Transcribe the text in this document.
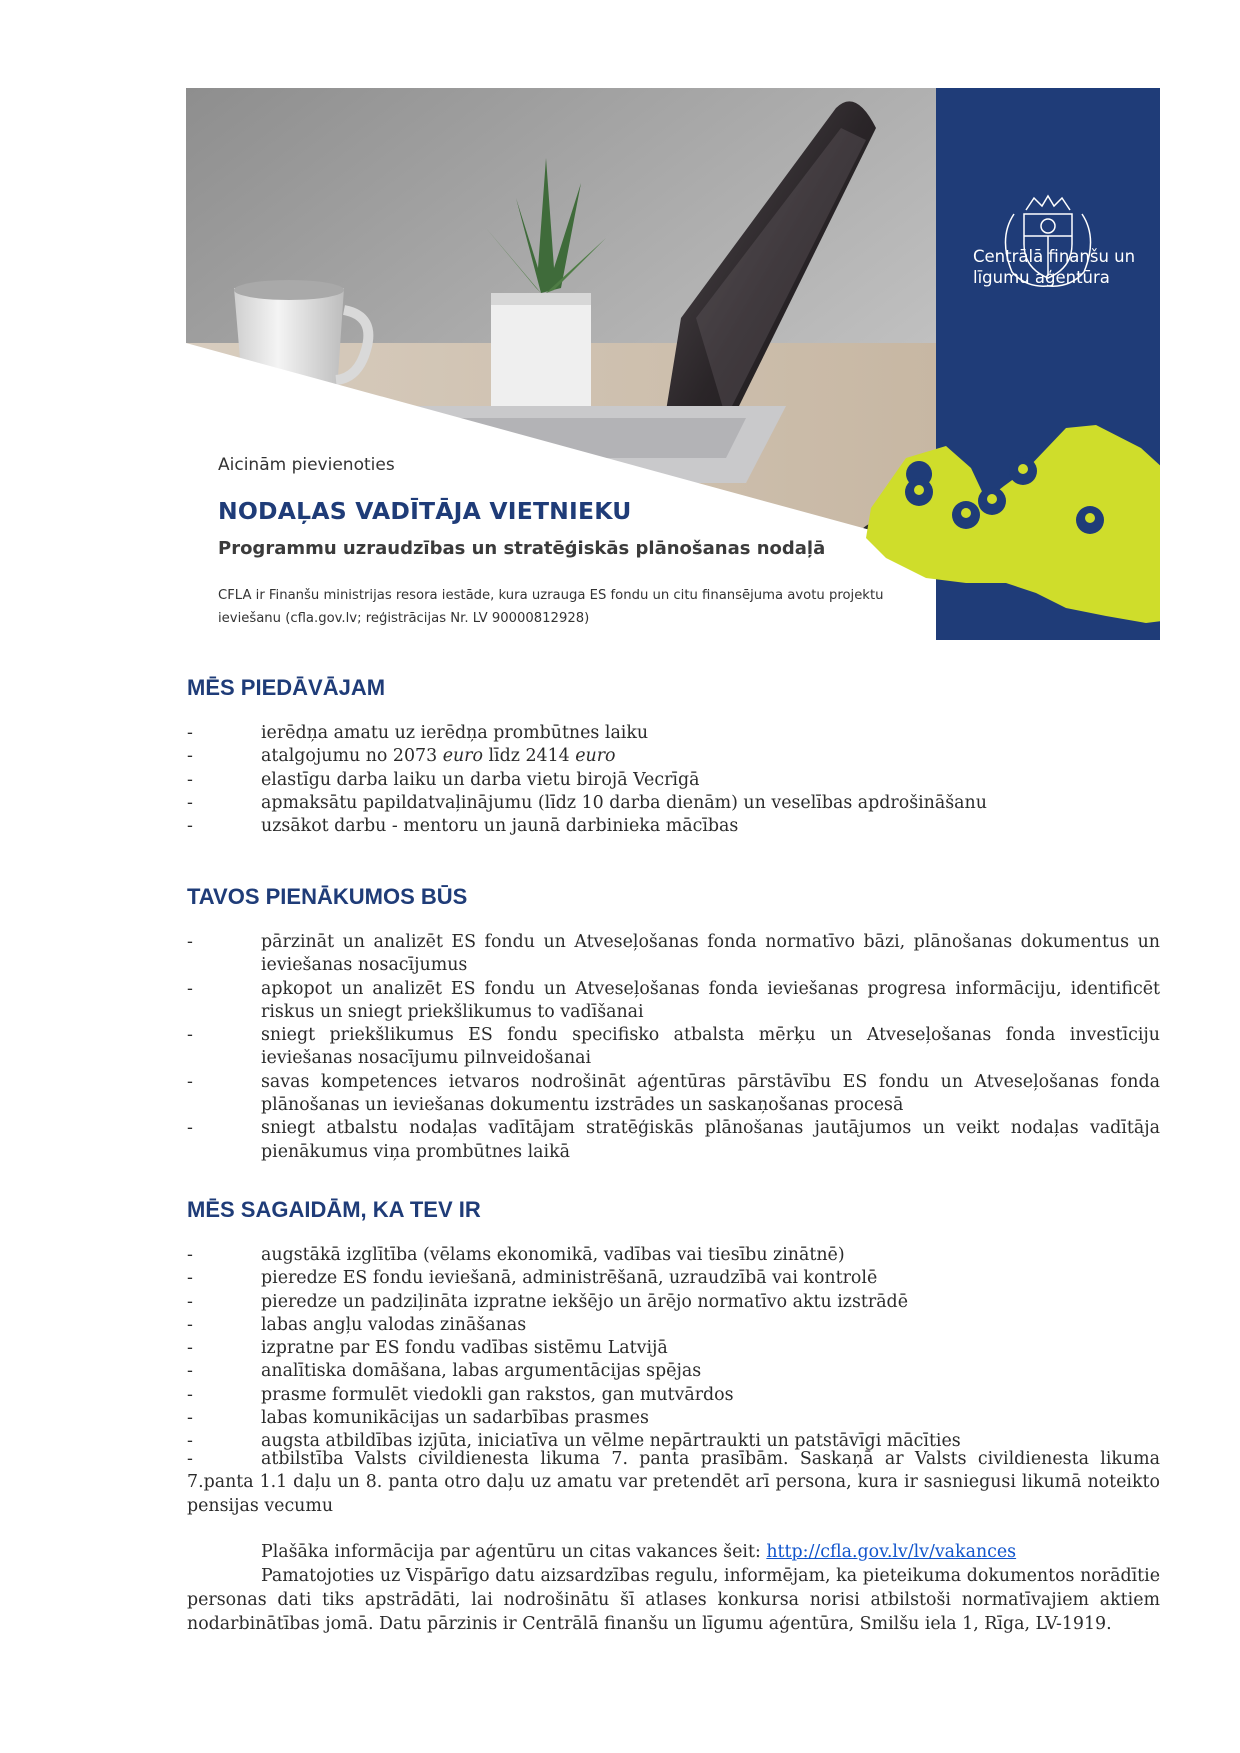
Centrālā finanšu un
līgumu aģentūra
Aicinām pievienoties
NODAĻAS VADĪTĀJA VIETNIEKU
Programmu uzraudzības un stratēģiskās plānošanas nodaļā
CFLA ir Finanšu ministrijas resora iestāde, kura uzrauga ES fondu un citu finansējuma avotu projektu ieviešanu (cfla.gov.lv; reģistrācijas Nr. LV 90000812928)
MĒS PIEDĀVĀJAM
- ierēdņa amatu uz ierēdņa prombūtnes laiku
- atalgojumu no 2073 euro līdz 2414 euro
- elastīgu darba laiku un darba vietu birojā Vecrīgā
- apmaksātu papildatvaļinājumu (līdz 10 darba dienām) un veselības apdrošināšanu
- uzsākot darbu - mentoru un jaunā darbinieka mācības
TAVOS PIENĀKUMOS BŪS
- pārzināt un analizēt ES fondu un Atveseļošanas fonda normatīvo bāzi, plānošanas dokumentus un ieviešanas nosacījumus
- apkopot un analizēt ES fondu un Atveseļošanas fonda ieviešanas progresa informāciju, identificēt riskus un sniegt priekšlikumus to vadīšanai
- sniegt priekšlikumus ES fondu specifisko atbalsta mērķu un Atveseļošanas fonda investīciju ieviešanas nosacījumu pilnveidošanai
- savas kompetences ietvaros nodrošināt aģentūras pārstāvību ES fondu un Atveseļošanas fonda plānošanas un ieviešanas dokumentu izstrādes un saskaņošanas procesā
- sniegt atbalstu nodaļas vadītājam stratēģiskās plānošanas jautājumos un veikt nodaļas vadītāja pienākumus viņa prombūtnes laikā
MĒS SAGAIDĀM, KA TEV IR
- augstākā izglītība (vēlams ekonomikā, vadības vai tiesību zinātnē)
- pieredze ES fondu ieviešanā, administrēšanā, uzraudzībā vai kontrolē
- pieredze un padziļināta izpratne iekšējo un ārējo normatīvo aktu izstrādē
- labas angļu valodas zināšanas
- izpratne par ES fondu vadības sistēmu Latvijā
- analītiska domāšana, labas argumentācijas spējas
- prasme formulēt viedokli gan rakstos, gan mutvārdos
- labas komunikācijas un sadarbības prasmes
- augsta atbildības izjūta, iniciatīva un vēlme nepārtraukti un patstāvīgi mācīties

-	atbilstība Valsts civildienesta likuma 7. panta prasībām. Saskaņā ar Valsts civildienesta likuma 7.panta 1.1 daļu un 8. panta otro daļu uz amatu var pretendēt arī persona, kura ir sasniegusi likumā noteikto pensijas vecumu

Plašāka informācija par aģentūru un citas vakances šeit: http://cfla.gov.lv/lv/vakances

Pamatojoties uz Vispārīgo datu aizsardzības regulu, informējam, ka pieteikuma dokumentos norādītie personas dati tiks apstrādāti, lai nodrošinātu šī atlases konkursa norisi atbilstoši normatīvajiem aktiem nodarbinātības jomā. Datu pārzinis ir Centrālā finanšu un līgumu aģentūra, Smilšu iela 1, Rīga, LV-1919.
